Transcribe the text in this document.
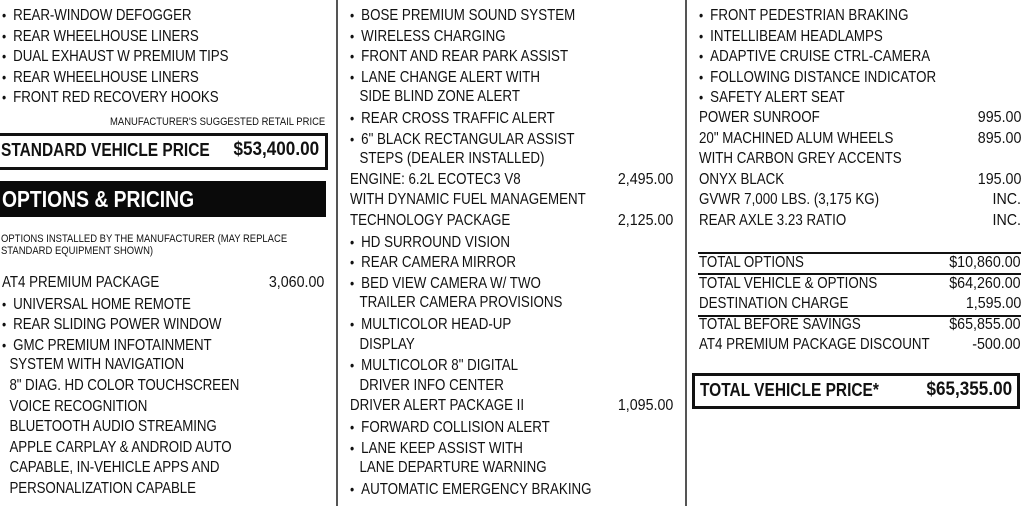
• REAR-WINDOW DEFOGGER
• REAR WHEELHOUSE LINERS
• DUAL EXHAUST W PREMIUM TIPS
• REAR WHEELHOUSE LINERS
• FRONT RED RECOVERY HOOKS
MANUFACTURER'S SUGGESTED RETAIL PRICE
STANDARD VEHICLE PRICE $53,400.00
OPTIONS & PRICING
OPTIONS INSTALLED BY THE MANUFACTURER (MAY REPLACE
STANDARD EQUIPMENT SHOWN)
AT4 PREMIUM PACKAGE	3,060.00
• UNIVERSAL HOME REMOTE
• REAR SLIDING POWER WINDOW
• GMC PREMIUM INFOTAINMENT
SYSTEM WITH NAVIGATION
8" DIAG. HD COLOR TOUCHSCREEN
VOICE RECOGNITION
BLUETOOTH AUDIO STREAMING
APPLE CARPLAY & ANDROID AUTO
CAPABLE, IN-VEHICLE APPS AND
PERSONALIZATION CAPABLE
• BOSE PREMIUM SOUND SYSTEM
• WIRELESS CHARGING
• FRONT AND REAR PARK ASSIST
• LANE CHANGE ALERT WITH
SIDE BLIND ZONE ALERT
• REAR CROSS TRAFFIC ALERT
• 6" BLACK RECTANGULAR ASSIST
STEPS (DEALER INSTALLED)
ENGINE: 6.2L ECOTEC3 V8	2,495.00
WITH DYNAMIC FUEL MANAGEMENT
TECHNOLOGY PACKAGE	2,125.00
• HD SURROUND VISION
• REAR CAMERA MIRROR
• BED VIEW CAMERA W/ TWO
TRAILER CAMERA PROVISIONS
• MULTICOLOR HEAD-UP
DISPLAY
• MULTICOLOR 8" DIGITAL
DRIVER INFO CENTER
DRIVER ALERT PACKAGE II	1,095.00
• FORWARD COLLISION ALERT
• LANE KEEP ASSIST WITH
LANE DEPARTURE WARNING
• AUTOMATIC EMERGENCY BRAKING
• FRONT PEDESTRIAN BRAKING
• INTELLIBEAM HEADLAMPS
• ADAPTIVE CRUISE CTRL-CAMERA
• FOLLOWING DISTANCE INDICATOR
• SAFETY ALERT SEAT
POWER SUNROOF	995.00
20" MACHINED ALUM WHEELS	895.00
WITH CARBON GREY ACCENTS
ONYX BLACK	195.00
GVWR 7,000 LBS. (3,175 KG)	INC.
REAR AXLE 3.23 RATIO	INC.
TOTAL OPTIONS	$10,860.00
TOTAL VEHICLE & OPTIONS	$64,260.00
DESTINATION CHARGE	1,595.00
TOTAL BEFORE SAVINGS	$65,855.00
AT4 PREMIUM PACKAGE DISCOUNT	-500.00
TOTAL VEHICLE PRICE*	$65,355.00
